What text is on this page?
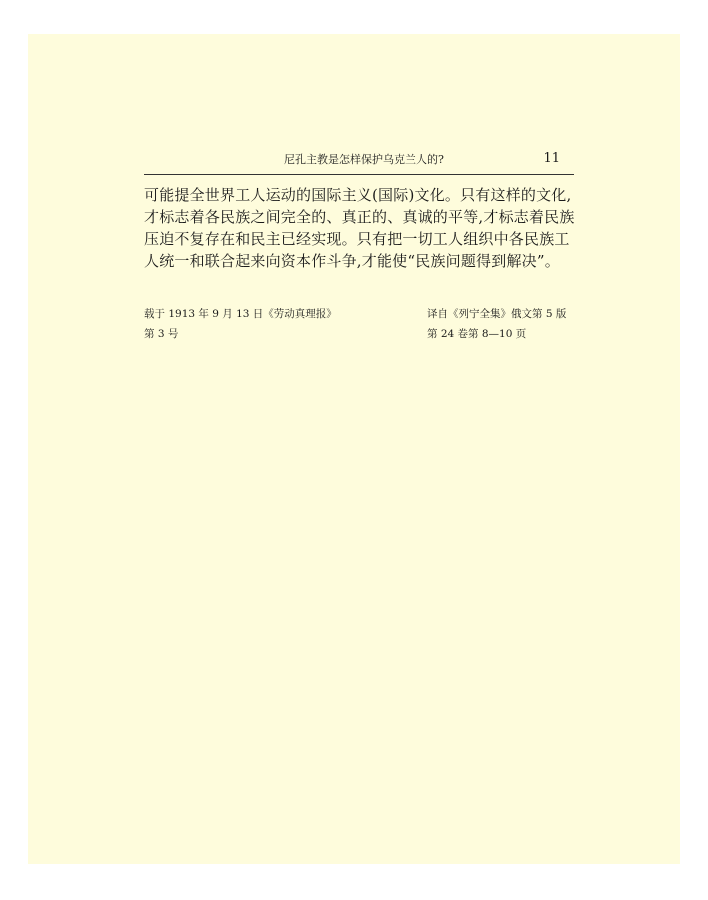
尼孔主教是怎样保护乌克兰人的?	11
可能提全世界工人运动的国际主义(国际)文化。只有这样的文化,
才标志着各民族之间完全的、真正的、真诚的平等,才标志着民族
压迫不复存在和民主已经实现。只有把一切工人组织中各民族工
人统一和联合起来向资本作斗争,才能使“民族问题得到解决”。
载于 1913 年 9 月 13 日《劳动真理报》
第 3 号
译自《列宁全集》俄文第 5 版
第 24 卷第 8—10 页
